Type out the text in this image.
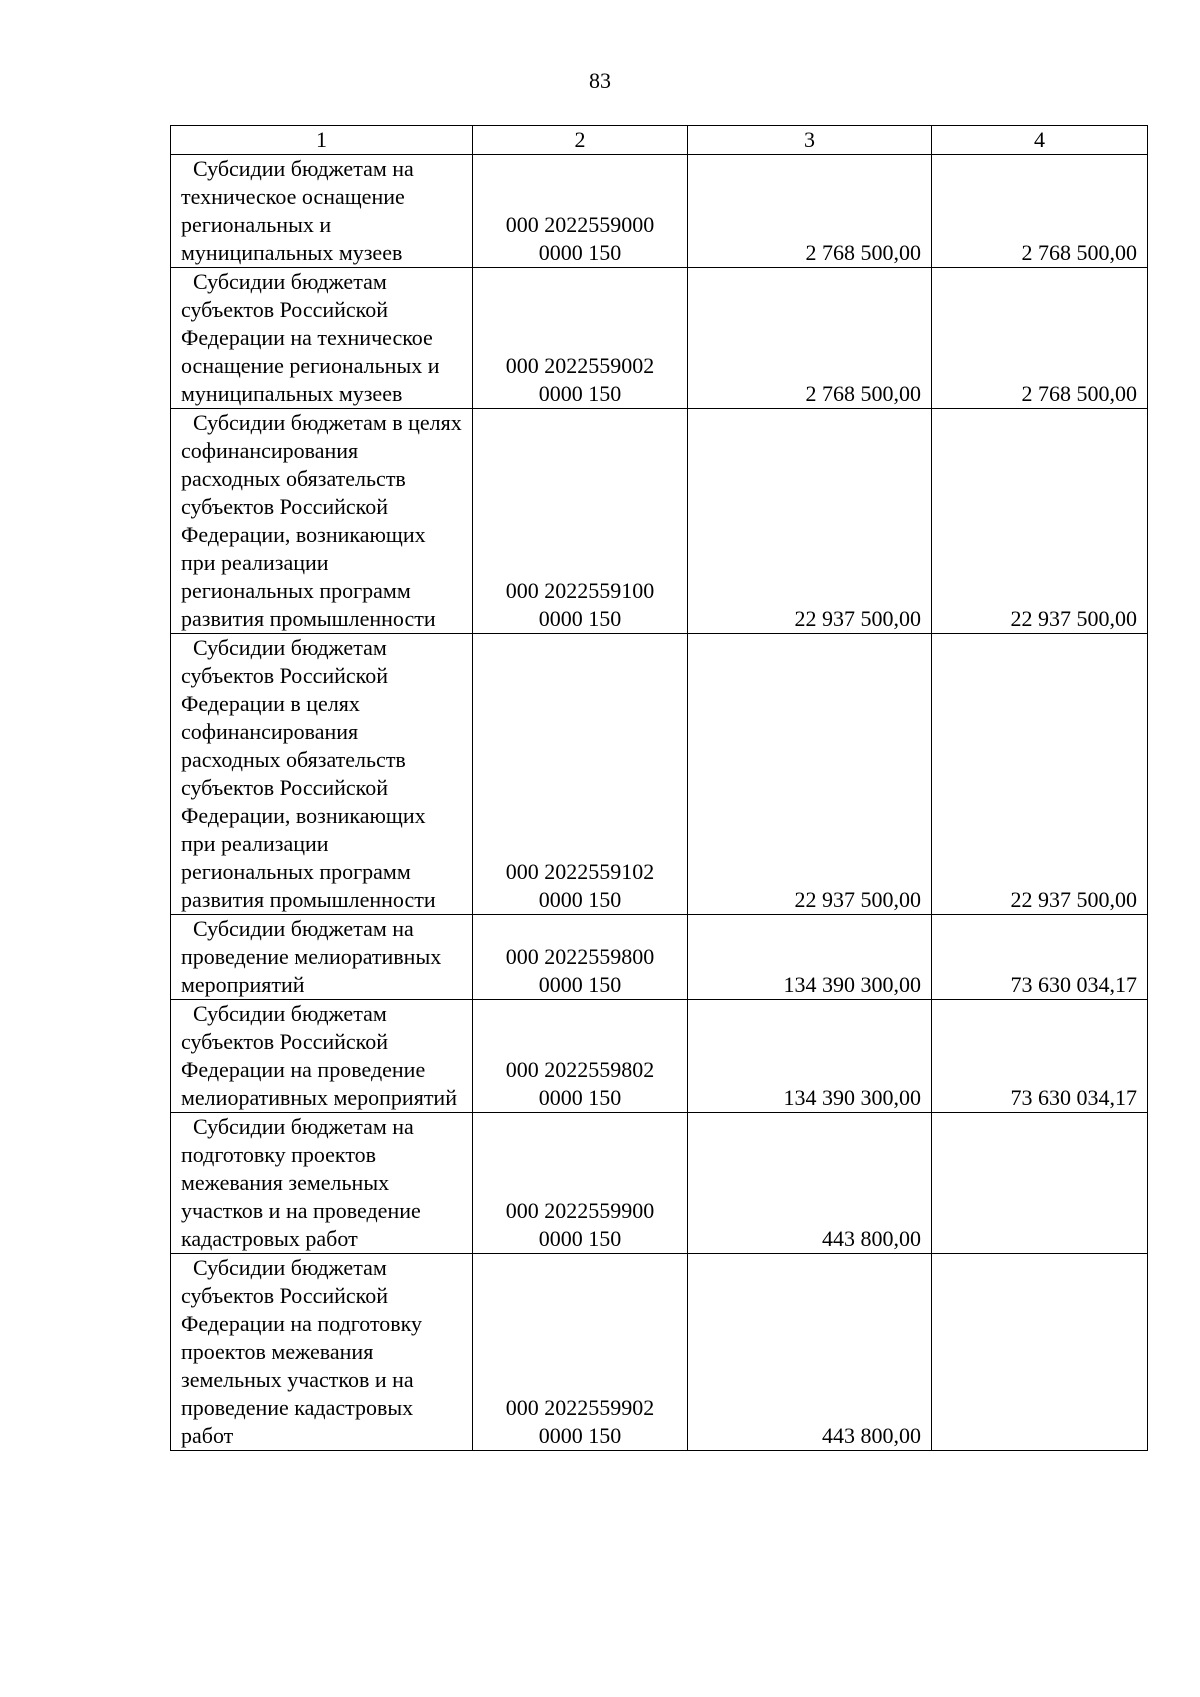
83
1	2	3	4
Субсидии бюджетам на техническое оснащение региональных и муниципальных музеев	000 2022559000 0000 150	2 768 500,00	2 768 500,00
Субсидии бюджетам субъектов Российской Федерации на техническое оснащение региональных и муниципальных музеев	000 2022559002 0000 150	2 768 500,00	2 768 500,00
Субсидии бюджетам в целях софинансирования расходных обязательств субъектов Российской Федерации, возникающих при реализации региональных программ развития промышленности	000 2022559100 0000 150	22 937 500,00	22 937 500,00
Субсидии бюджетам субъектов Российской Федерации в целях софинансирования расходных обязательств субъектов Российской Федерации, возникающих при реализации региональных программ развития промышленности	000 2022559102 0000 150	22 937 500,00	22 937 500,00
Субсидии бюджетам на проведение мелиоративных мероприятий	000 2022559800 0000 150	134 390 300,00	73 630 034,17
Субсидии бюджетам субъектов Российской Федерации на проведение мелиоративных мероприятий	000 2022559802 0000 150	134 390 300,00	73 630 034,17
Субсидии бюджетам на подготовку проектов межевания земельных участков и на проведение кадастровых работ	000 2022559900 0000 150	443 800,00	
Субсидии бюджетам субъектов Российской Федерации на подготовку проектов межевания земельных участков и на проведение кадастровых работ	000 2022559902 0000 150	443 800,00	
